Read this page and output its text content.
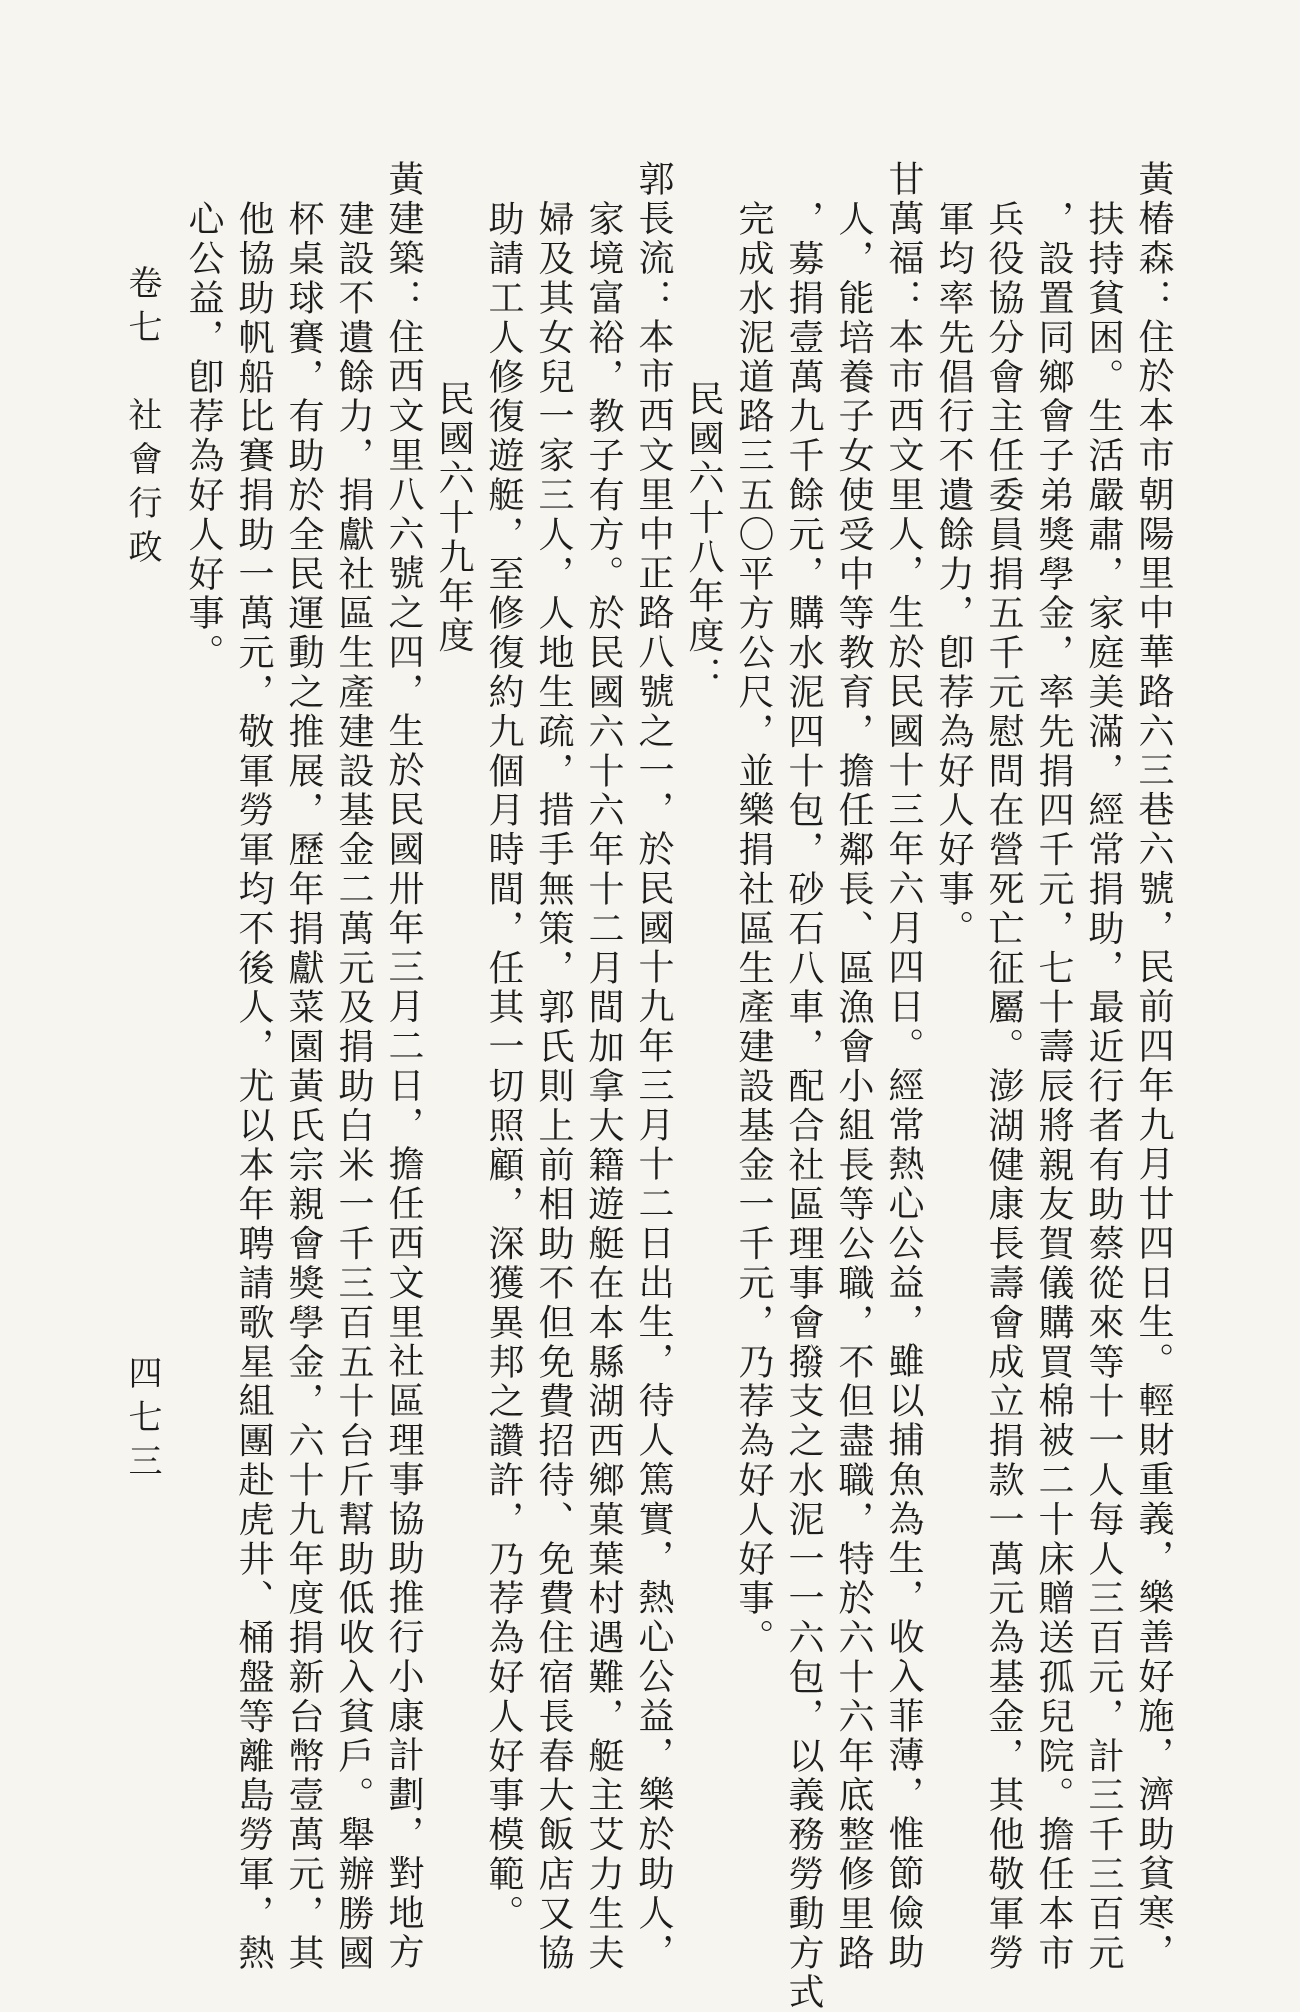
黃椿森：住於本市朝陽里中華路六三巷六號，民前四年九月廿四日生。輕財重義，樂善好施，濟助貧寒，
扶持貧困。生活嚴肅，家庭美滿，經常捐助，最近行者有助蔡從來等十一人每人三百元，計三千三百元
，設置同鄉會子弟獎學金，率先捐四千元，七十壽辰將親友賀儀購買棉被二十床贈送孤兒院。擔任本市
兵役協分會主任委員捐五千元慰問在營死亡征屬。澎湖健康長壽會成立捐款一萬元為基金，其他敬軍勞
軍均率先倡行不遺餘力，卽荐為好人好事。
甘萬福：本市西文里人，生於民國十三年六月四日。經常熱心公益，雖以捕魚為生，收入菲薄，惟節儉助
人，能培養子女使受中等教育，擔任鄰長、區漁會小組長等公職，不但盡職，特於六十六年底整修里路
，募捐壹萬九千餘元，購水泥四十包，砂石八車，配合社區理事會撥支之水泥一一六包，以義務勞動方式
完成水泥道路三五〇平方公尺，並樂捐社區生產建設基金一千元，乃荐為好人好事。
民國六十八年度：
郭長流：本市西文里中正路八號之一，於民國十九年三月十二日出生，待人篤實，熱心公益，樂於助人，
家境富裕，教子有方。於民國六十六年十二月間加拿大籍遊艇在本縣湖西鄉菓葉村遇難，艇主艾力生夫
婦及其女兒一家三人，人地生疏，措手無策，郭氏則上前相助不但免費招待、免費住宿長春大飯店又協
助請工人修復遊艇，至修復約九個月時間，任其一切照顧，深獲異邦之讚許，乃荐為好人好事模範。
民國六十九年度
黃建築：住西文里八六號之四，生於民國卅年三月二日，擔任西文里社區理事協助推行小康計劃，對地方
建設不遺餘力，捐獻社區生產建設基金二萬元及捐助白米一千三百五十台斤幫助低收入貧戶。舉辦勝國
杯桌球賽，有助於全民運動之推展，歷年捐獻菜園黃氏宗親會獎學金，六十九年度捐新台幣壹萬元，其
他協助帆船比賽捐助一萬元，敬軍勞軍均不後人，尤以本年聘請歌星組團赴虎井、桶盤等離島勞軍，熱
心公益，卽荐為好人好事。
卷七　社會行政
四七三
